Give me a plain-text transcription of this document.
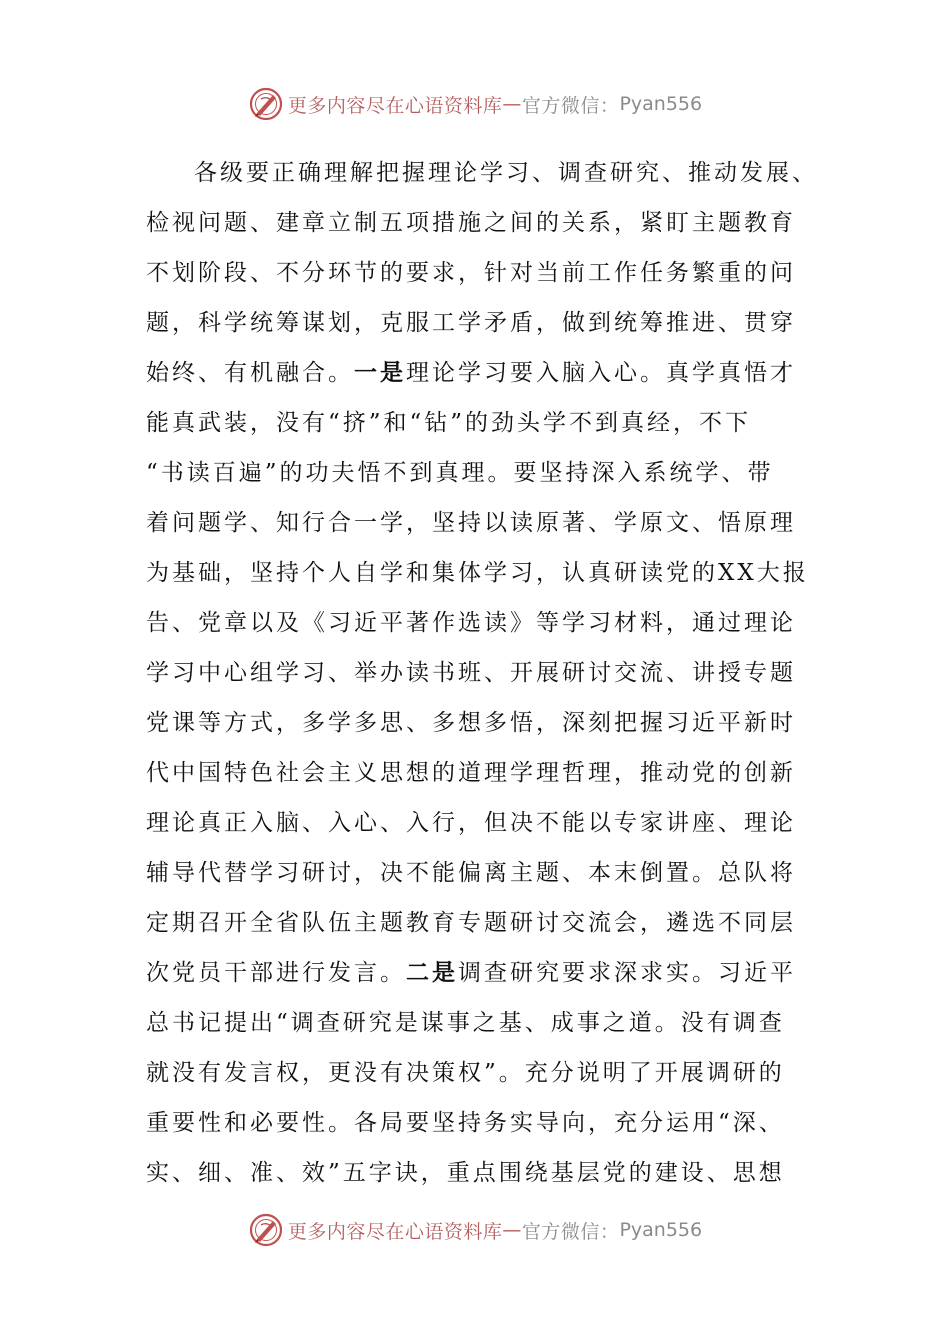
更多内容尽在心语资料库 — 官方微信： Pyan556
各级要正确理解把握理论学习、调查研究、推动发展、
检视问题、建章立制五项措施之间的关系，紧盯主题教育
不划阶段、不分环节的要求，针对当前工作任务繁重的问
题，科学统筹谋划，克服工学矛盾，做到统筹推进、贯穿
始终、有机融合。一是理论学习要入脑入心。真学真悟才
能真武装，没有“挤”和“钻”的劲头学不到真经，不下
“书读百遍”的功夫悟不到真理。要坚持深入系统学、带
着问题学、知行合一学，坚持以读原著、学原文、悟原理
为基础，坚持个人自学和集体学习，认真研读党的XX大报
告、党章以及《习近平著作选读》等学习材料，通过理论
学习中心组学习、举办读书班、开展研讨交流、讲授专题
党课等方式，多学多思、多想多悟，深刻把握习近平新时
代中国特色社会主义思想的道理学理哲理，推动党的创新
理论真正入脑、入心、入行，但决不能以专家讲座、理论
辅导代替学习研讨，决不能偏离主题、本末倒置。总队将
定期召开全省队伍主题教育专题研讨交流会，遴选不同层
次党员干部进行发言。二是调查研究要求深求实。习近平
总书记提出“调查研究是谋事之基、成事之道。没有调查
就没有发言权，更没有决策权”。充分说明了开展调研的
重要性和必要性。各局要坚持务实导向，充分运用“深、
实、细、准、效”五字诀，重点围绕基层党的建设、思想
更多内容尽在心语资料库 — 官方微信： Pyan556
